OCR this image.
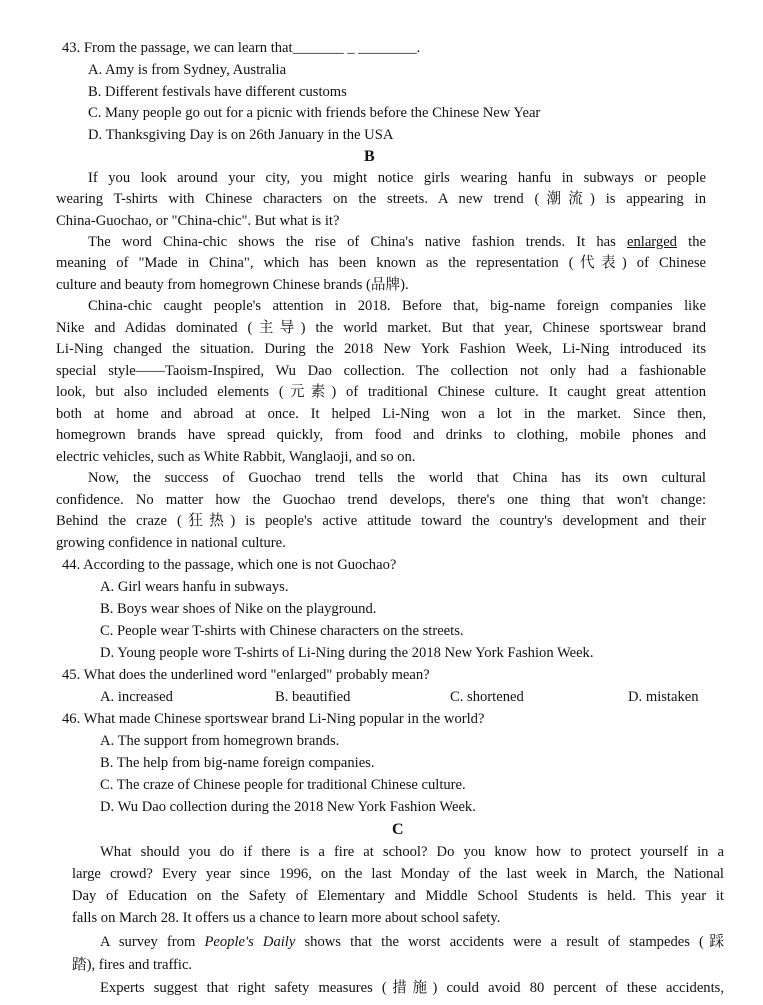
43. From the passage, we can learn that_______ _ ________.
A. Amy is from Sydney, Australia
B. Different festivals have different customs
C. Many people go out for a picnic with friends before the Chinese New Year
D. Thanksgiving Day is on 26th January in the USA
B
If you look around your city, you might notice girls wearing hanfu in subways or people
wearing T-shirts with Chinese characters on the streets. A new trend (潮流) is appearing in
China-Guochao, or "China-chic". But what is it?
The word China-chic shows the rise of China's native fashion trends. It has enlarged the
meaning of "Made in China", which has been known as the representation (代表) of Chinese
culture and beauty from homegrown Chinese brands (品牌).
China-chic caught people's attention in 2018. Before that, big-name foreign companies like
Nike and Adidas dominated (主导) the world market. But that year, Chinese sportswear brand
Li-Ning changed the situation. During the 2018 New York Fashion Week, Li-Ning introduced its
special style——Taoism-Inspired, Wu Dao collection. The collection not only had a fashionable
look, but also included elements (元素) of traditional Chinese culture. It caught great attention
both at home and abroad at once. It helped Li-Ning won a lot in the market. Since then,
homegrown brands have spread quickly, from food and drinks to clothing, mobile phones and
electric vehicles, such as White Rabbit, Wanglaoji, and so on.
Now, the success of Guochao trend tells the world that China has its own cultural
confidence. No matter how the Guochao trend develops, there's one thing that won't change:
Behind the craze (狂热) is people's active attitude toward the country's development and their
growing confidence in national culture.
44. According to the passage, which one is not Guochao?
A. Girl wears hanfu in subways.
B. Boys wear shoes of Nike on the playground.
C. People wear T-shirts with Chinese characters on the streets.
D. Young people wore T-shirts of Li-Ning during the 2018 New York Fashion Week.
45. What does the underlined word "enlarged" probably mean?
A. increased	B. beautified	C. shortened	D. mistaken
46. What made Chinese sportswear brand Li-Ning popular in the world?
A. The support from homegrown brands.
B. The help from big-name foreign companies.
C. The craze of Chinese people for traditional Chinese culture.
D. Wu Dao collection during the 2018 New York Fashion Week.
C
What should you do if there is a fire at school? Do you know how to protect yourself in a
large crowd? Every year since 1996, on the last Monday of the last week in March, the National
Day of Education on the Safety of Elementary and Middle School Students is held. This year it
falls on March 28. It offers us a chance to learn more about school safety.
A survey from People's Daily shows that the worst accidents were a result of stampedes (踩
踏), fires and traffic.
Experts suggest that right safety measures (措施) could avoid 80 percent of these accidents,
